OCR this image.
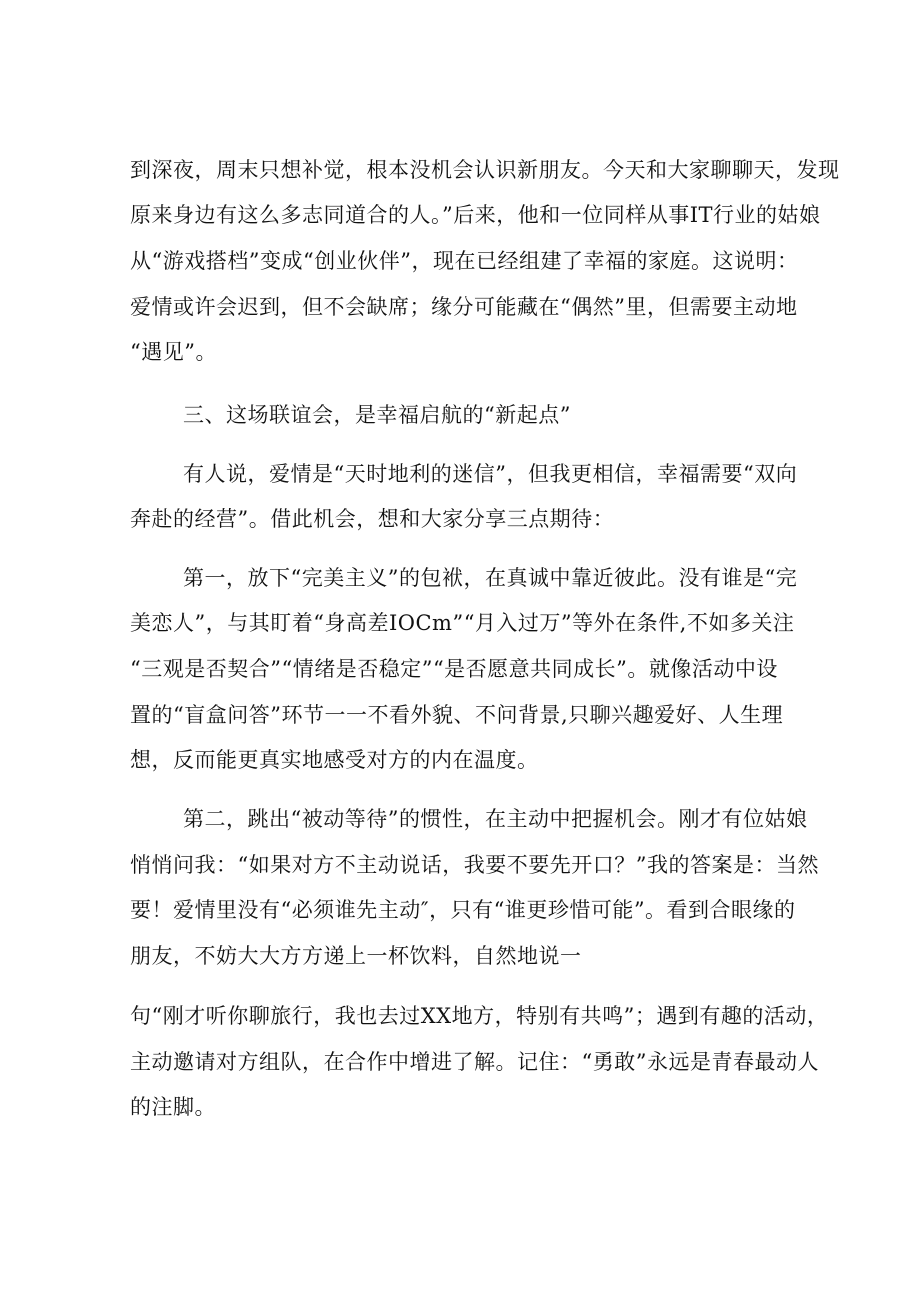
到深夜，周末只想补觉，根本没机会认识新朋友。今天和大家聊聊天，发现
原来身边有这么多志同道合的人。”后来，他和一位同样从事IT行业的姑娘
从“游戏搭档”变成“创业伙伴”，现在已经组建了幸福的家庭。这说明：
爱情或许会迟到，但不会缺席；缘分可能藏在“偶然”里，但需要主动地
“遇见”。
三、这场联谊会，是幸福启航的“新起点”
有人说，爱情是“天时地利的迷信”，但我更相信，幸福需要“双向
奔赴的经营”。借此机会，想和大家分享三点期待：
第一，放下“完美主义”的包袱，在真诚中靠近彼此。没有谁是“完
美恋人”，与其盯着“身高差IOCm”“月入过万”等外在条件,不如多关注
“三观是否契合”“情绪是否稳定”“是否愿意共同成长”。就像活动中设
置的“盲盒问答”环节一一不看外貌、不问背景,只聊兴趣爱好、人生理
想，反而能更真实地感受对方的内在温度。
第二，跳出“被动等待”的惯性，在主动中把握机会。刚才有位姑娘
悄悄问我：“如果对方不主动说话，我要不要先开口？”我的答案是：当然
要！爱情里没有“必须谁先主动″，只有“谁更珍惜可能”。看到合眼缘的
朋友，不妨大大方方递上一杯饮料，自然地说一
句“刚才听你聊旅行，我也去过XX地方，特别有共鸣”；遇到有趣的活动，
主动邀请对方组队，在合作中增进了解。记住：“勇敢”永远是青春最动人
的注脚。
